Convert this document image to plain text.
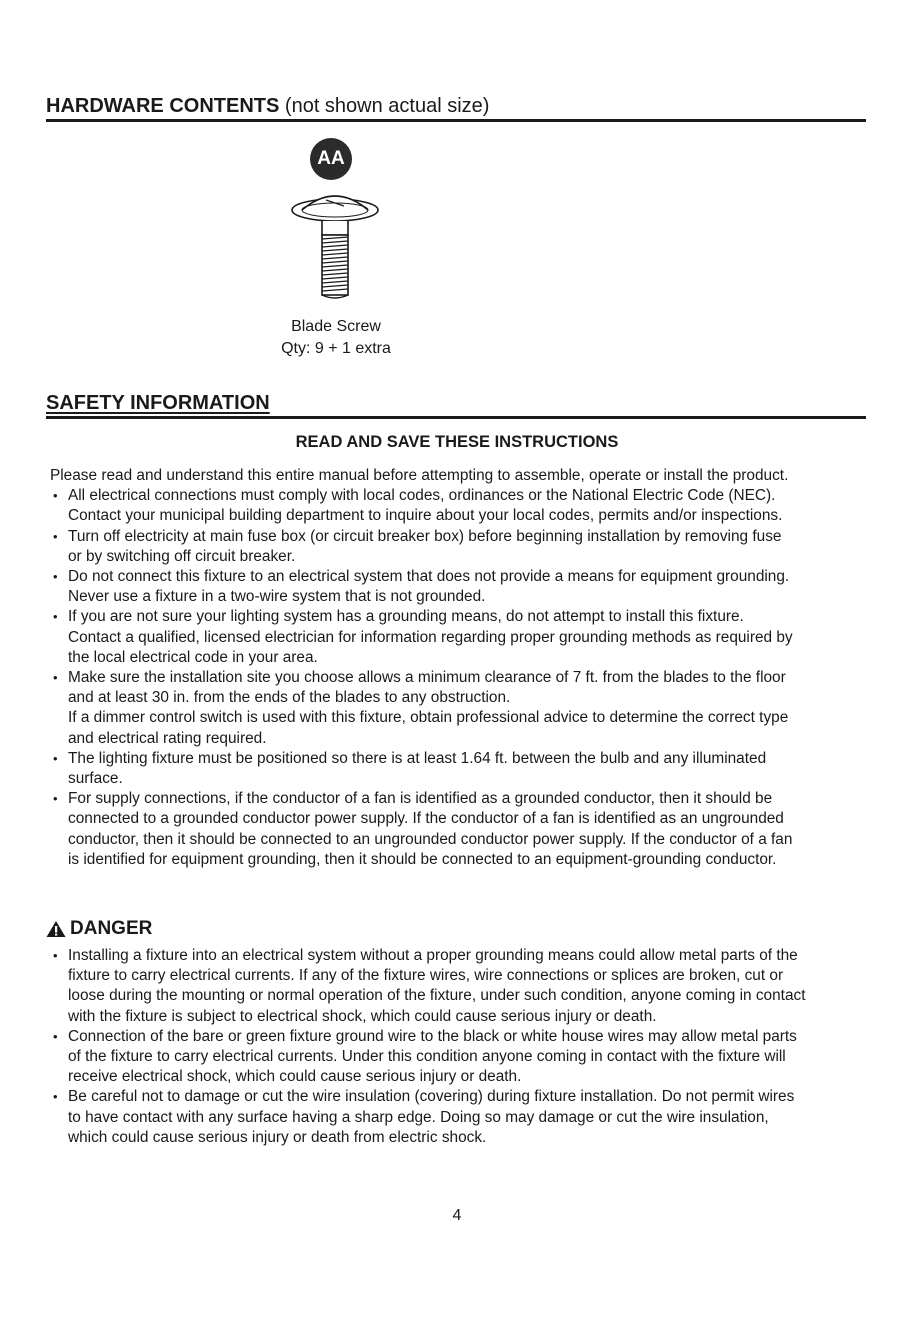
HARDWARE CONTENTS (not shown actual size)
AA
Blade Screw
Qty: 9 + 1 extra
SAFETY INFORMATION
READ AND SAVE THESE INSTRUCTIONS
Please read and understand this entire manual before attempting to assemble, operate or install the product.
• All electrical connections must comply with local codes, ordinances or the National Electric Code (NEC).
Contact your municipal building department to inquire about your local codes, permits and/or inspections.
• Turn off electricity at main fuse box (or circuit breaker box) before beginning installation by removing fuse
or by switching off circuit breaker.
• Do not connect this fixture to an electrical system that does not provide a means for equipment grounding.
Never use a fixture in a two-wire system that is not grounded.
• If you are not sure your lighting system has a grounding means, do not attempt to install this fixture.
Contact a qualified, licensed electrician for information regarding proper grounding methods as required by
the local electrical code in your area.
• Make sure the installation site you choose allows a minimum clearance of 7 ft. from the blades to the floor
and at least 30 in. from the ends of the blades to any obstruction.
If a dimmer control switch is used with this fixture, obtain professional advice to determine the correct type
and electrical rating required.
• The lighting fixture must be positioned so there is at least 1.64 ft. between the bulb and any illuminated
surface.
• For supply connections, if the conductor of a fan is identified as a grounded conductor, then it should be
connected to a grounded conductor power supply. If the conductor of a fan is identified as an ungrounded
conductor, then it should be connected to an ungrounded conductor power supply. If the conductor of a fan
is identified for equipment grounding, then it should be connected to an equipment-grounding conductor.
DANGER
• Installing a fixture into an electrical system without a proper grounding means could allow metal parts of the
fixture to carry electrical currents. If any of the fixture wires, wire connections or splices are broken, cut or
loose during the mounting or normal operation of the fixture, under such condition, anyone coming in contact
with the fixture is subject to electrical shock, which could cause serious injury or death.
• Connection of the bare or green fixture ground wire to the black or white house wires may allow metal parts
of the fixture to carry electrical currents. Under this condition anyone coming in contact with the fixture will
receive electrical shock, which could cause serious injury or death.
• Be careful not to damage or cut the wire insulation (covering) during fixture installation. Do not permit wires
to have contact with any surface having a sharp edge. Doing so may damage or cut the wire insulation,
which could cause serious injury or death from electric shock.
4
